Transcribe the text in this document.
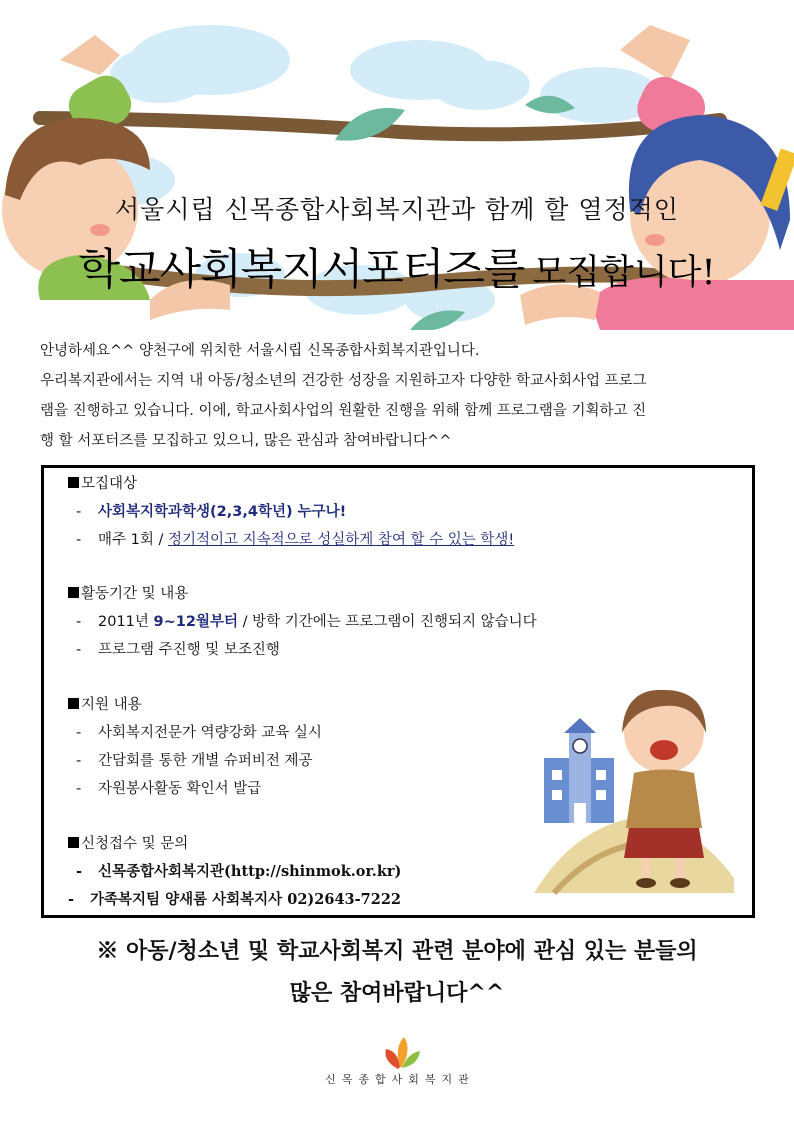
서울시립 신목종합사회복지관과 함께 할 열정적인
학교사회복지서포터즈를 모집합니다!

안녕하세요^^ 양천구에 위치한 서울시립 신목종합사회복지관입니다.

우리복지관에서는 지역 내 아동/청소년의 건강한 성장을 지원하고자 다양한 학교사회사업 프로그

램을 진행하고 있습니다. 이에, 학교사회사업의 원활한 진행을 위해 함께 프로그램을 기획하고 진

행 할 서포터즈를 모집하고 있으니, 많은 관심과 참여바랍니다^^

모집대상
- 사회복지학과학생(2,3,4학년) 누구나!
- 매주 1회 / 정기적이고 지속적으로 성실하게 참여 할 수 있는 학생!
활동기간 및 내용
- 2011년 9~12월부터 / 방학 기간에는 프로그램이 진행되지 않습니다
- 프로그램 주진행 및 보조진행
지원 내용
- 사회복지전문가 역량강화 교육 실시
- 간담회를 통한 개별 슈퍼비전 제공
- 자원봉사활동 확인서 발급
신청접수 및 문의
- 신목종합사회복지관(http://shinmok.or.kr)
- 가족복지팀 양새롬 사회복지사 02)2643-7222

※ 아동/청소년 및 학교사회복지 관련 분야에 관심 있는 분들의

많은 참여바랍니다^^

신목종합사회복지관
